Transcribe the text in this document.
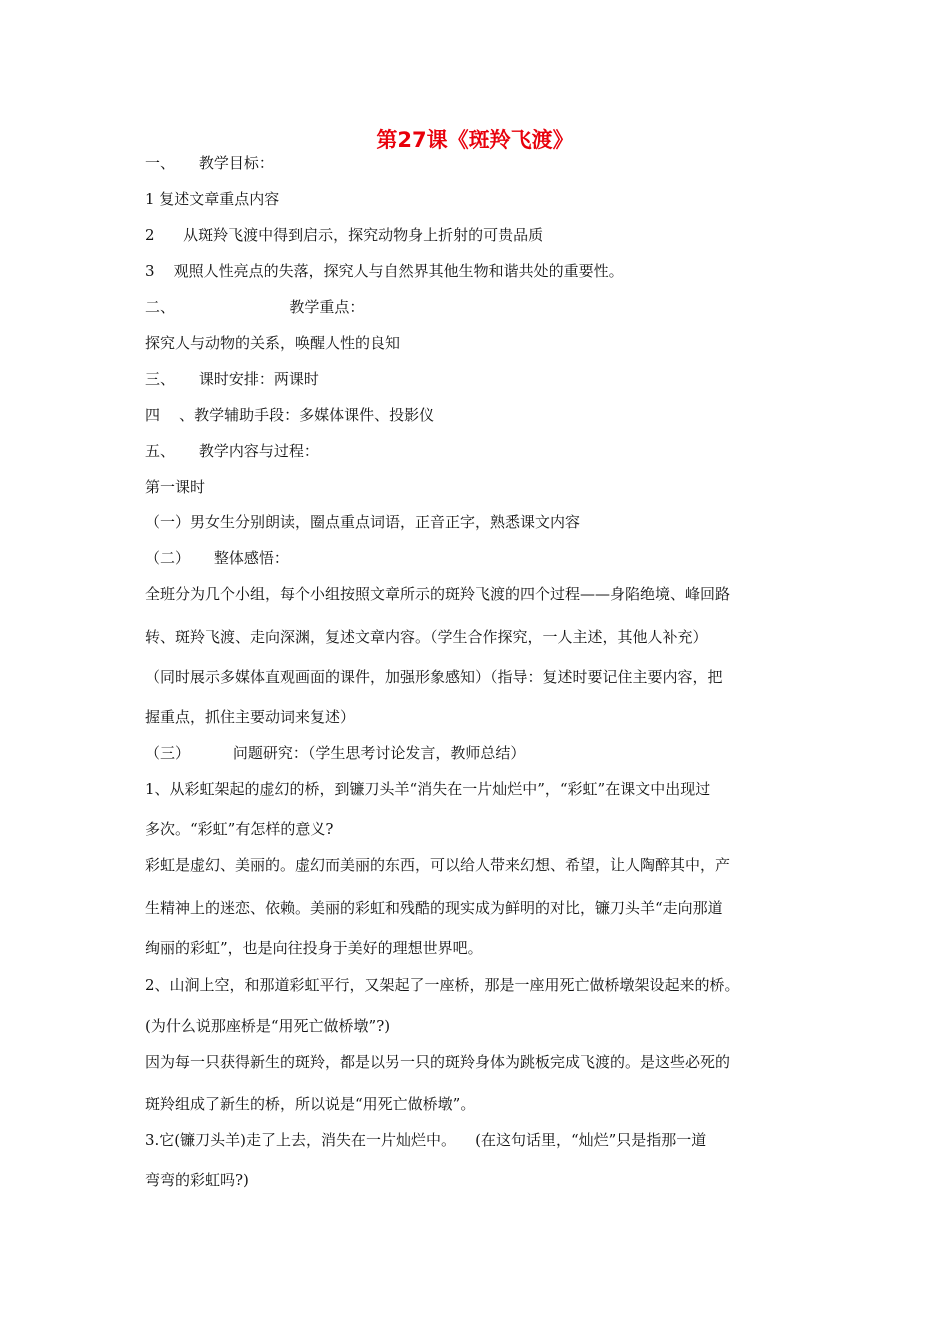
第27课《斑羚飞渡》

一、     教学目标：

1 复述文章重点内容

2      从斑羚飞渡中得到启示，探究动物身上折射的可贵品质

3    观照人性亮点的失落，探究人与自然界其他生物和谐共处的重要性。

二、                        教学重点：

探究人与动物的关系，唤醒人性的良知

三、     课时安排：两课时

四    、教学辅助手段：多媒体课件、投影仪

五、     教学内容与过程：

第一课时

（一）男女生分别朗读，圈点重点词语，正音正字，熟悉课文内容

（二）     整体感悟：

全班分为几个小组，每个小组按照文章所示的斑羚飞渡的四个过程——身陷绝境、峰回路

转、斑羚飞渡、走向深渊，复述文章内容。（学生合作探究，一人主述，其他人补充）

（同时展示多媒体直观画面的课件，加强形象感知）（指导：复述时要记住主要内容，把

握重点，抓住主要动词来复述）

（三）         问题研究：（学生思考讨论发言，教师总结）

1、从彩虹架起的虚幻的桥，到镰刀头羊“消失在一片灿烂中”，“彩虹”在课文中出现过

多次。“彩虹”有怎样的意义?

彩虹是虚幻、美丽的。虚幻而美丽的东西，可以给人带来幻想、希望，让人陶醉其中，产

生精神上的迷恋、依赖。美丽的彩虹和残酷的现实成为鲜明的对比，镰刀头羊“走向那道

绚丽的彩虹”，也是向往投身于美好的理想世界吧。

2、山涧上空，和那道彩虹平行，又架起了一座桥，那是一座用死亡做桥墩架设起来的桥。

(为什么说那座桥是“用死亡做桥墩”?)

因为每一只获得新生的斑羚，都是以另一只的斑羚身体为跳板完成飞渡的。是这些必死的

斑羚组成了新生的桥，所以说是“用死亡做桥墩”。

3.它(镰刀头羊)走了上去，消失在一片灿烂中。    (在这句话里，“灿烂”只是指那一道

弯弯的彩虹吗?)
